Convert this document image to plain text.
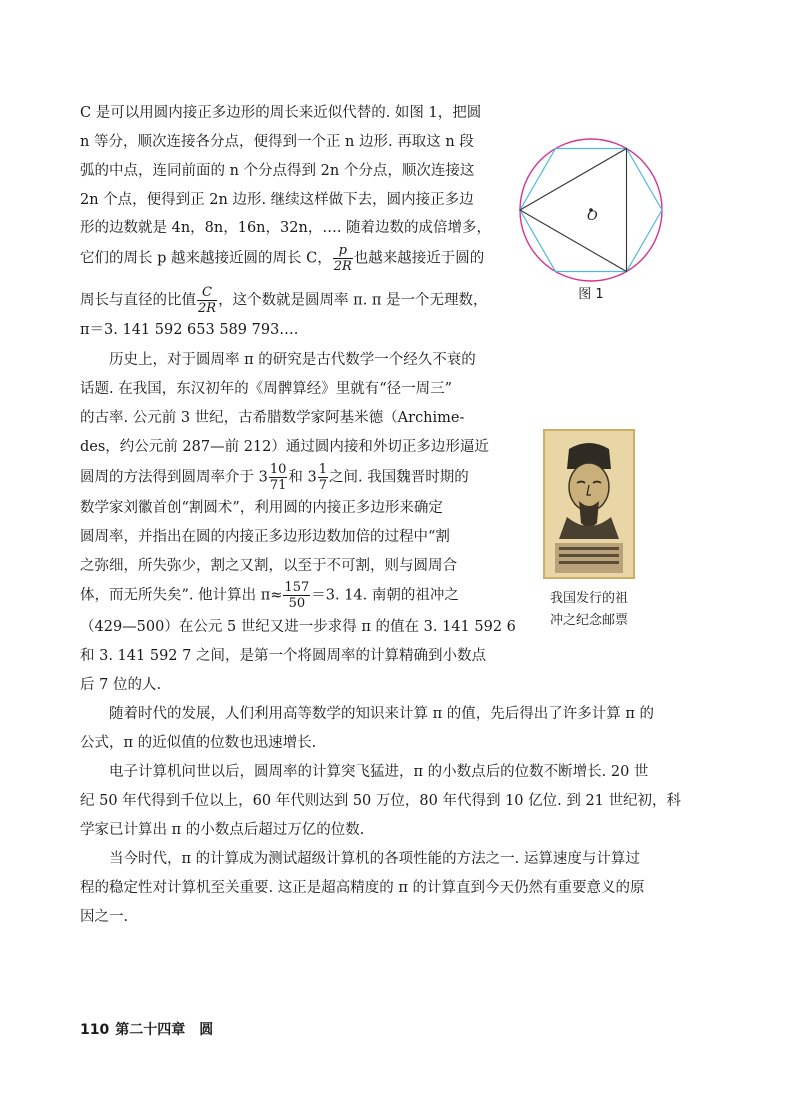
C 是可以用圆内接正多边形的周长来近似代替的. 如图 1，把圆
n 等分，顺次连接各分点，便得到一个正 n 边形. 再取这 n 段
弧的中点，连同前面的 n 个分点得到 2n 个分点，顺次连接这
2n 个点，便得到正 2n 边形. 继续这样做下去，圆内接正多边
形的边数就是 4n，8n，16n，32n，…. 随着边数的成倍增多，
它们的周长 p 越来越接近圆的周长 C， $\frac{p}{2R}$ 也越来越接近于圆的
周长与直径的比值 $\frac{C}{2R}$ ，这个数就是圆周率 π. π 是一个无理数，
π＝3. 141 592 653 589 793….
历史上，对于圆周率 π 的研究是古代数学一个经久不衰的
话题. 在我国，东汉初年的《周髀算经》里就有“径一周三”
的古率. 公元前 3 世纪，古希腊数学家阿基米德（Archime-
des，约公元前 287—前 212）通过圆内接和外切正多边形逼近
圆周的方法得到圆周率介于 $3 \frac{10}{71}$ 和 $3 \frac{1}{7}$ 之间. 我国魏晋时期的
数学家刘徽首创“割圆术”，利用圆的内接正多边形来确定
圆周率，并指出在圆的内接正多边形边数加倍的过程中“割
之弥细，所失弥少，割之又割，以至于不可割，则与圆周合
体，而无所失矣”. 他计算出 $\pi\approx \frac{157}{50} =3$. 14. 南朝的祖冲之
（429—500）在公元 5 世纪又进一步求得 π 的值在 3. 141 592 6
和 3. 141 592 7 之间，是第一个将圆周率的计算精确到小数点
后 7 位的人.
随着时代的发展，人们利用高等数学的知识来计算 π 的值，先后得出了许多计算 π 的
公式，π 的近似值的位数也迅速增长.
电子计算机问世以后，圆周率的计算突飞猛进，π 的小数点后的位数不断增长. 20 世
纪 50 年代得到千位以上，60 年代则达到 50 万位，80 年代得到 10 亿位. 到 21 世纪初，科
学家已计算出 π 的小数点后超过万亿的位数.
当今时代，π 的计算成为测试超级计算机的各项性能的方法之一. 运算速度与计算过
程的稳定性对计算机至关重要. 这正是超高精度的 π 的计算直到今天仍然有重要意义的原
因之一.
O
图 1
我国发行的祖
冲之纪念邮票
110 第二十四章　圆
